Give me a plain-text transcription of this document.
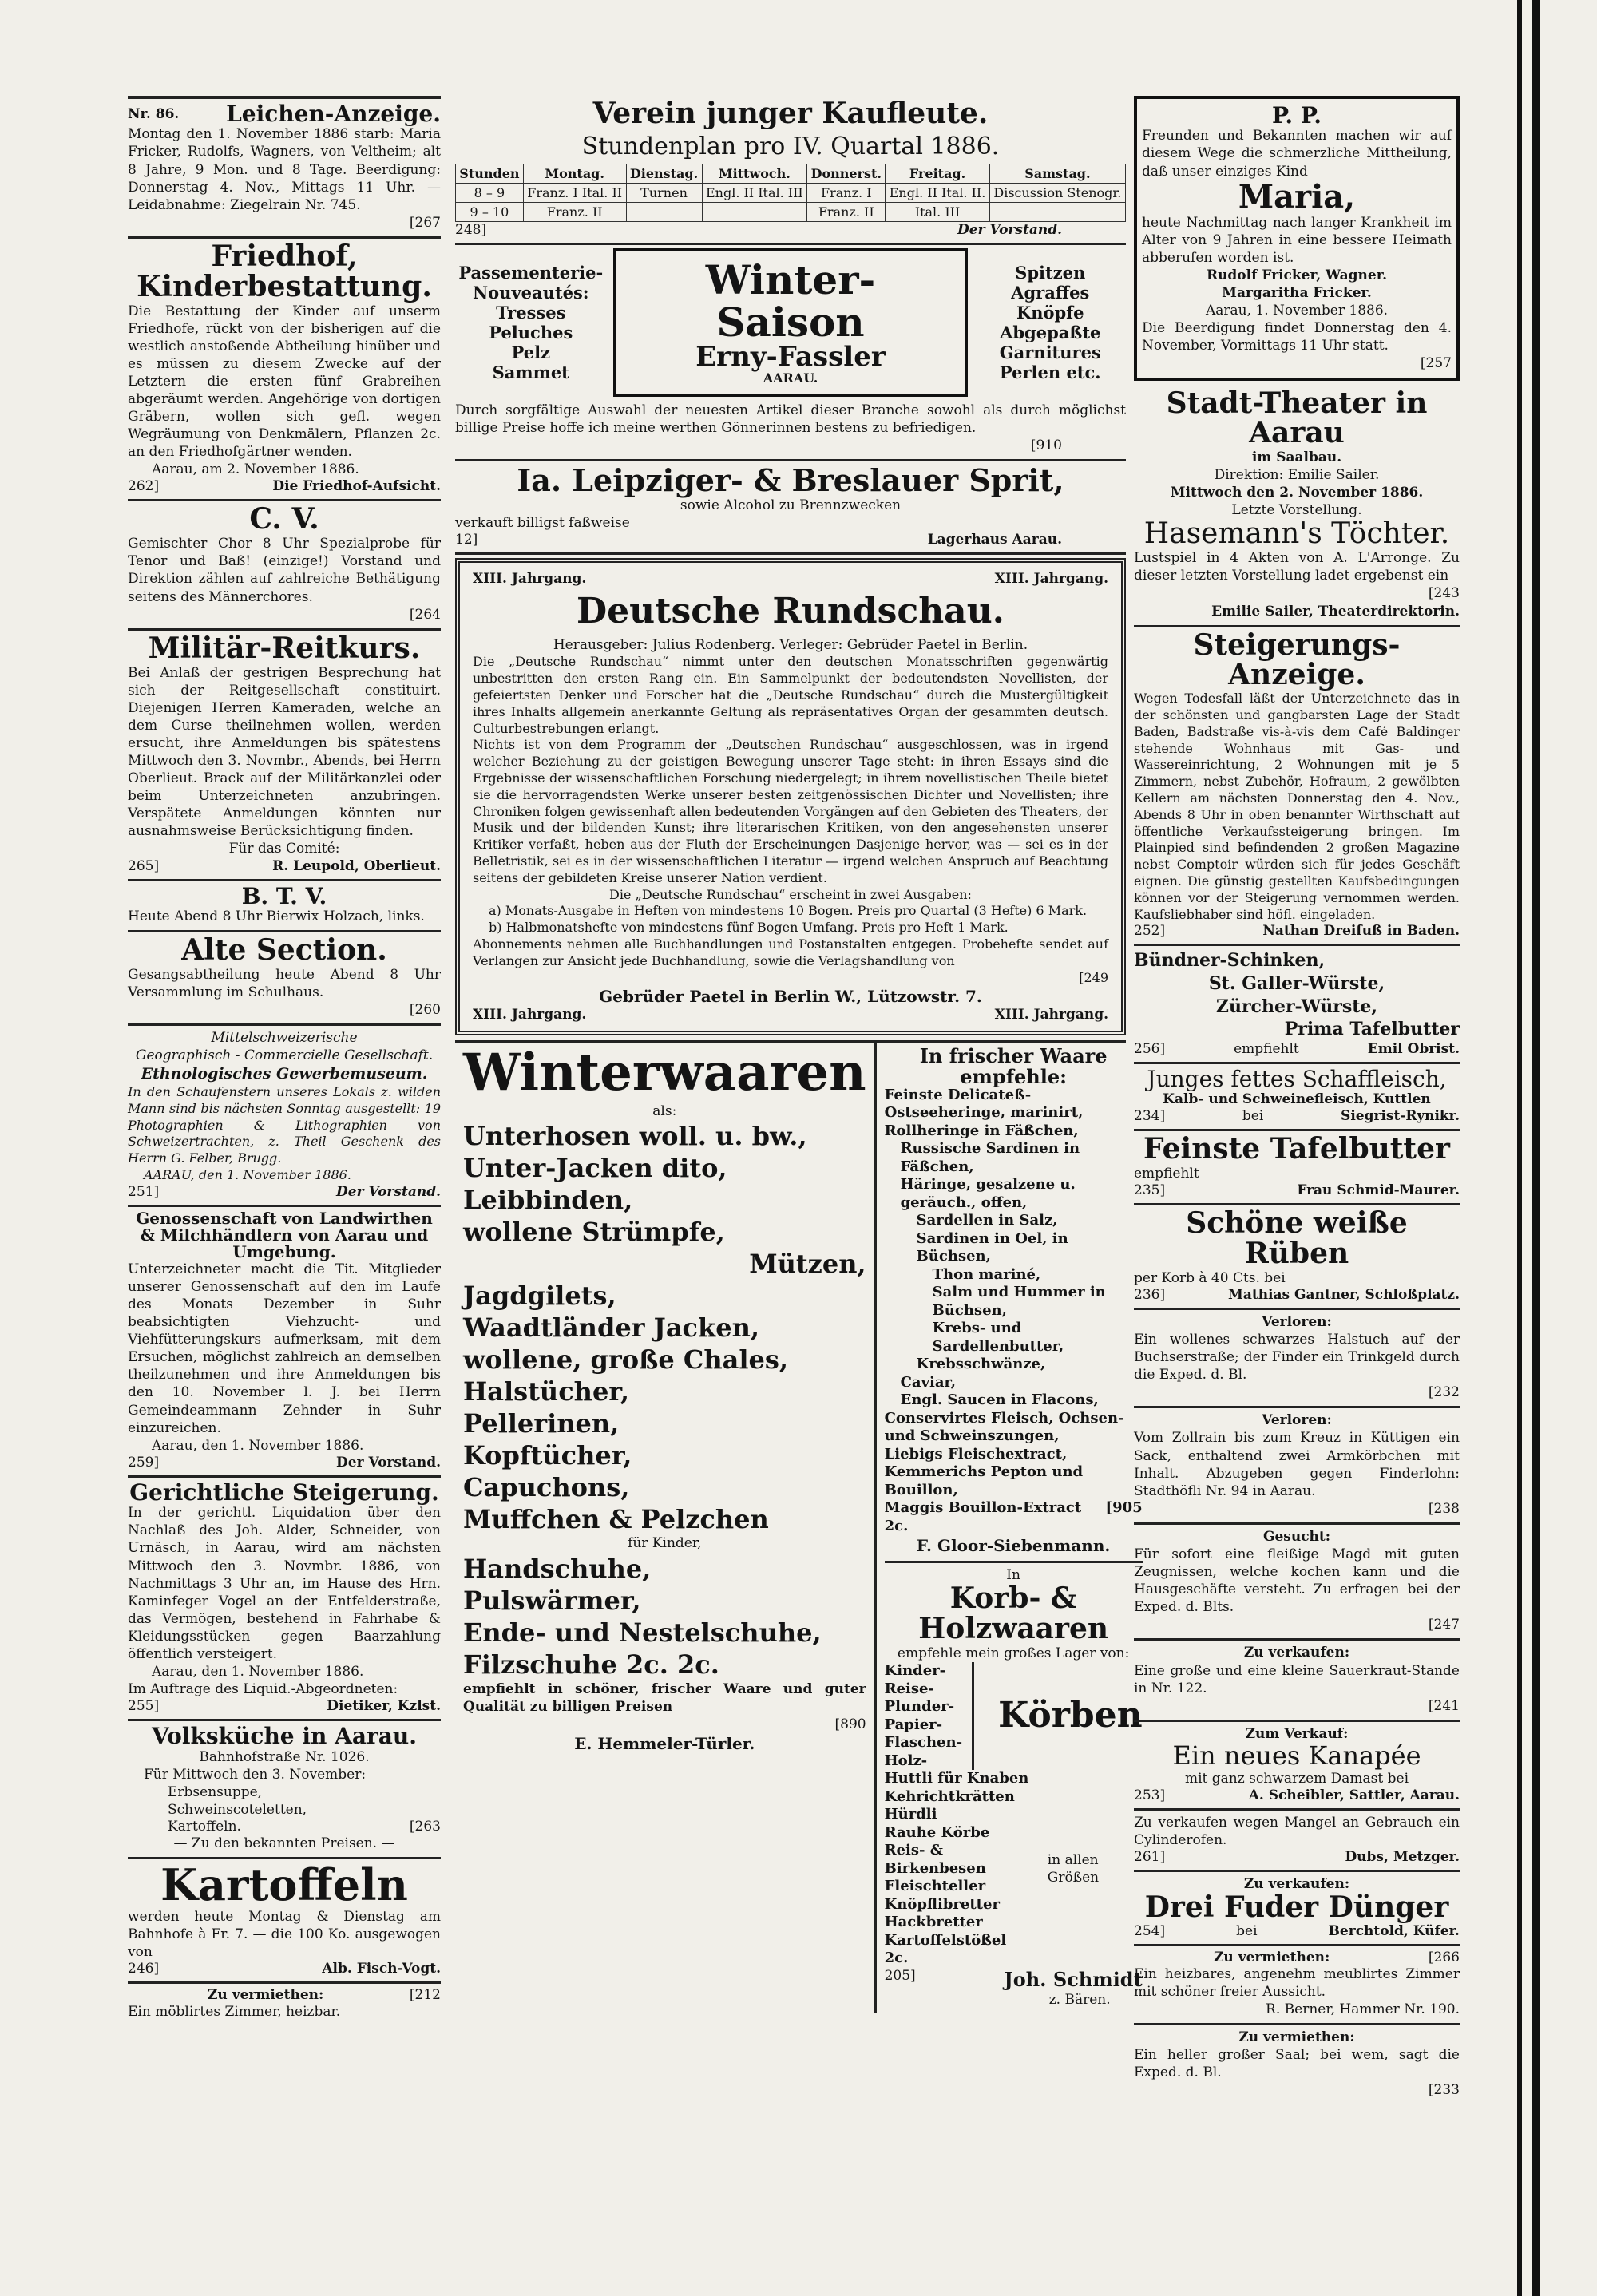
Nr. 86. Leichen-Anzeige.
Montag den 1. November 1886 starb: Maria Fricker, Rudolfs, Wagners, von Veltheim; alt 8 Jahre, 9 Mon. und 8 Tage. Beerdigung: Donnerstag 4. Nov., Mittags 11 Uhr. — Leidabnahme: Ziegelrain Nr. 745.
[267
Friedhof, Kinderbestattung.
Die Bestattung der Kinder auf unserm Friedhofe, rückt von der bisherigen auf die westlich anstoßende Abtheilung hinüber und es müssen zu diesem Zwecke auf der Letztern die ersten fünf Grabreihen abgeräumt werden. Angehörige von dortigen Gräbern, wollen sich gefl. wegen Wegräumung von Denkmälern, Pflanzen 2c. an den Friedhofgärtner wenden.
Aarau, am 2. November 1886.
262]	Die Friedhof-Aufsicht.
C. V.
Gemischter Chor 8 Uhr Spezialprobe für Tenor und Baß! (einzige!) Vorstand und Direktion zählen auf zahlreiche Bethätigung seitens des Männerchores.
[264
Militär-Reitkurs.
Bei Anlaß der gestrigen Besprechung hat sich der Reitgesellschaft constituirt. Diejenigen Herren Kameraden, welche an dem Curse theilnehmen wollen, werden ersucht, ihre Anmeldungen bis spätestens Mittwoch den 3. Novmbr., Abends, bei Herrn Oberlieut. Brack auf der Militärkanzlei oder beim Unterzeichneten anzubringen. Verspätete Anmeldungen könnten nur ausnahmsweise Berücksichtigung finden.
Für das Comité:
265]	R. Leupold, Oberlieut.
B. T. V.
Heute Abend 8 Uhr Bierwix Holzach, links.
Alte Section.
Gesangsabtheilung heute Abend 8 Uhr Versammlung im Schulhaus.
[260
Mittelschweizerische
Geographisch - Commercielle Gesellschaft.
Ethnologisches Gewerbemuseum.
In den Schaufenstern unseres Lokals z. wilden Mann sind bis nächsten Sonntag ausgestellt: 19 Photographien & Lithographien von Schweizertrachten, z. Theil Geschenk des Herrn G. Felber, Brugg.
AARAU, den 1. November 1886.
251]	Der Vorstand.
Genossenschaft von Landwirthen & Milchhändlern von Aarau und Umgebung.
Unterzeichneter macht die Tit. Mitglieder unserer Genossenschaft auf den im Laufe des Monats Dezember in Suhr beabsichtigten Viehzucht- und Viehfütterungskurs aufmerksam, mit dem Ersuchen, möglichst zahlreich an demselben theilzunehmen und ihre Anmeldungen bis den 10. November l. J. bei Herrn Gemeindeammann Zehnder in Suhr einzureichen.
Aarau, den 1. November 1886.
259]	Der Vorstand.
Gerichtliche Steigerung.
In der gerichtl. Liquidation über den Nachlaß des Joh. Alder, Schneider, von Urnäsch, in Aarau, wird am nächsten Mittwoch den 3. Novmbr. 1886, von Nachmittags 3 Uhr an, im Hause des Hrn. Kaminfeger Vogel an der Entfelderstraße, das Vermögen, bestehend in Fahrhabe & Kleidungsstücken gegen Baarzahlung öffentlich versteigert.
Aarau, den 1. November 1886.
Im Auftrage des Liquid.-Abgeordneten:
255]	Dietiker, Kzlst.
Volksküche in Aarau.
Bahnhofstraße Nr. 1026.
Für Mittwoch den 3. November:
Erbsensuppe,
Schweinscoteletten,
Kartoffeln.	[263
— Zu den bekannten Preisen. —
Kartoffeln
werden heute Montag & Dienstag am Bahnhofe à Fr. 7. — die 100 Ko. ausgewogen von
246]	Alb. Fisch-Vogt.
Zu vermiethen:	[212
Ein möblirtes Zimmer, heizbar.
Verein junger Kaufleute.
Stundenplan pro IV. Quartal 1886.
Stunden	Montag.	Dienstag.	Mittwoch.	Donnerst.	Freitag.	Samstag.
8 – 9	Franz. I Ital. II	Turnen	Engl. II Ital. III	Franz. I	Engl. II Ital. II.	Discussion Stenogr.
9 – 10	Franz. II			Franz. II	Ital. III	
248]	Der Vorstand.
Passementerie-
Nouveautés:
Tresses
Peluches
Pelz
Sammet
Winter-Saison
Erny-Fassler
AARAU.
Spitzen
Agraffes
Knöpfe
Abgepaßte
Garnitures
Perlen etc.
Durch sorgfältige Auswahl der neuesten Artikel dieser Branche sowohl als durch möglichst billige Preise hoffe ich meine werthen Gönnerinnen bestens zu befriedigen.
[910
Ia. Leipziger- & Breslauer Sprit,
sowie Alcohol zu Brennzwecken
verkauft billigst faßweise
12]	Lagerhaus Aarau.
XIII. Jahrgang.	XIII. Jahrgang.
Deutsche Rundschau.
Herausgeber: Julius Rodenberg. Verleger: Gebrüder Paetel in Berlin.
Die „Deutsche Rundschau“ nimmt unter den deutschen Monatsschriften gegenwärtig unbestritten den ersten Rang ein. Ein Sammelpunkt der bedeutendsten Novellisten, der gefeiertsten Denker und Forscher hat die „Deutsche Rundschau“ durch die Mustergültigkeit ihres Inhalts allgemein anerkannte Geltung als repräsentatives Organ der gesammten deutsch. Culturbestrebungen erlangt.
Nichts ist von dem Programm der „Deutschen Rundschau“ ausgeschlossen, was in irgend welcher Beziehung zu der geistigen Bewegung unserer Tage steht: in ihren Essays sind die Ergebnisse der wissenschaftlichen Forschung niedergelegt; in ihrem novellistischen Theile bietet sie die hervorragendsten Werke unserer besten zeitgenössischen Dichter und Novellisten; ihre Chroniken folgen gewissenhaft allen bedeutenden Vorgängen auf den Gebieten des Theaters, der Musik und der bildenden Kunst; ihre literarischen Kritiken, von den angesehensten unserer Kritiker verfaßt, heben aus der Fluth der Erscheinungen Dasjenige hervor, was — sei es in der Belletristik, sei es in der wissenschaftlichen Literatur — irgend welchen Anspruch auf Beachtung seitens der gebildeten Kreise unserer Nation verdient.
Die „Deutsche Rundschau“ erscheint in zwei Ausgaben:
a) Monats-Ausgabe in Heften von mindestens 10 Bogen. Preis pro Quartal (3 Hefte) 6 Mark.
b) Halbmonatshefte von mindestens fünf Bogen Umfang. Preis pro Heft 1 Mark.
Abonnements nehmen alle Buchhandlungen und Postanstalten entgegen. Probehefte sendet auf Verlangen zur Ansicht jede Buchhandlung, sowie die Verlagshandlung von
[249
Gebrüder Paetel in Berlin W., Lützowstr. 7.
XIII. Jahrgang.	XIII. Jahrgang.
Winterwaaren
als:
Unterhosen woll. u. bw.,
Unter-Jacken dito,
Leibbinden,
wollene Strümpfe,
Mützen,
Jagdgilets,
Waadtländer Jacken,
wollene, große Chales,
Halstücher,
Pellerinen,
Kopftücher,
Capuchons,
Muffchen & Pelzchen
für Kinder,
Handschuhe,
Pulswärmer,
Ende- und Nestelschuhe,
Filzschuhe 2c. 2c.
empfiehlt in schöner, frischer Waare und guter Qualität zu billigen Preisen
[890
E. Hemmeler-Türler.
In frischer Waare empfehle:
Feinste Delicateß-Ostseeheringe, marinirt,
Rollheringe in Fäßchen,
Russische Sardinen in Fäßchen,
Häringe, gesalzene u. geräuch., offen,
Sardellen in Salz,
Sardinen in Oel, in Büchsen,
Thon mariné,
Salm und Hummer in Büchsen,
Krebs- und Sardellenbutter,
Krebsschwänze,
Caviar,
Engl. Saucen in Flacons,
Conservirtes Fleisch, Ochsen- und Schweinszungen,
Liebigs Fleischextract,
Kemmerichs Pepton und Bouillon,
Maggis Bouillon-Extract 2c.
[905
F. Gloor-Siebenmann.
In
Korb- & Holzwaaren
empfehle mein großes Lager von:
Kinder-
Reise-
Plunder-
Papier-
Flaschen-
Holz-
Körben
Huttli für Knaben
Kehrichtkrätten
Hürdli
Rauhe Körbe
Reis- & Birkenbesen
Fleischteller
Knöpflibretter
Hackbretter
Kartoffelstößel 2c.
in allen Größen
205]	Joh. Schmidt
z. Bären.
P. P.
Freunden und Bekannten machen wir auf diesem Wege die schmerzliche Mittheilung, daß unser einziges Kind
Maria,
heute Nachmittag nach langer Krankheit im Alter von 9 Jahren in eine bessere Heimath abberufen worden ist.
Rudolf Fricker, Wagner.
Margaritha Fricker.
Aarau, 1. November 1886.
Die Beerdigung findet Donnerstag den 4. November, Vormittags 11 Uhr statt.
[257
Stadt-Theater in Aarau
im Saalbau.
Direktion: Emilie Sailer.
Mittwoch den 2. November 1886.
Letzte Vorstellung.
Hasemann's Töchter.
Lustspiel in 4 Akten von A. L'Arronge. Zu dieser letzten Vorstellung ladet ergebenst ein
[243
Emilie Sailer, Theaterdirektorin.
Steigerungs-Anzeige.
Wegen Todesfall läßt der Unterzeichnete das in der schönsten und gangbarsten Lage der Stadt Baden, Badstraße vis-à-vis dem Café Baldinger stehende Wohnhaus mit Gas- und Wassereinrichtung, 2 Wohnungen mit je 5 Zimmern, nebst Zubehör, Hofraum, 2 gewölbten Kellern am nächsten Donnerstag den 4. Nov., Abends 8 Uhr in oben benannter Wirthschaft auf öffentliche Verkaufssteigerung bringen. Im Plainpied sind befindenden 2 großen Magazine nebst Comptoir würden sich für jedes Geschäft eignen. Die günstig gestellten Kaufsbedingungen können vor der Steigerung vernommen werden. Kaufsliebhaber sind höfl. eingeladen.
252]	Nathan Dreifuß in Baden.
Bündner-Schinken,
St. Galler-Würste,
Zürcher-Würste,
Prima Tafelbutter
256]	empfiehlt	Emil Obrist.
Junges fettes Schaffleisch,
Kalb- und Schweinefleisch, Kuttlen
234]	bei	Siegrist-Rynikr.
Feinste Tafelbutter
empfiehlt
235]	Frau Schmid-Maurer.
Schöne weiße Rüben
per Korb à 40 Cts. bei
236]	Mathias Gantner, Schloßplatz.
Verloren:
Ein wollenes schwarzes Halstuch auf der Buchserstraße; der Finder ein Trinkgeld durch die Exped. d. Bl.
[232
Verloren:
Vom Zollrain bis zum Kreuz in Küttigen ein Sack, enthaltend zwei Armkörbchen mit Inhalt. Abzugeben gegen Finderlohn: Stadthöfli Nr. 94 in Aarau.
[238
Gesucht:
Für sofort eine fleißige Magd mit guten Zeugnissen, welche kochen kann und die Hausgeschäfte versteht. Zu erfragen bei der Exped. d. Blts.
[247
Zu verkaufen:
Eine große und eine kleine Sauerkraut-Stande in Nr. 122.
[241
Zum Verkauf:
Ein neues Kanapée
mit ganz schwarzem Damast bei
253]	A. Scheibler, Sattler, Aarau.
Zu verkaufen wegen Mangel an Gebrauch ein Cylinderofen.
261]	Dubs, Metzger.
Zu verkaufen:
Drei Fuder Dünger
254]	bei	Berchtold, Küfer.
Zu vermiethen:	[266
Ein heizbares, angenehm meublirtes Zimmer mit schöner freier Aussicht.
R. Berner, Hammer Nr. 190.
Zu vermiethen:
Ein heller großer Saal; bei wem, sagt die Exped. d. Bl.
[233
